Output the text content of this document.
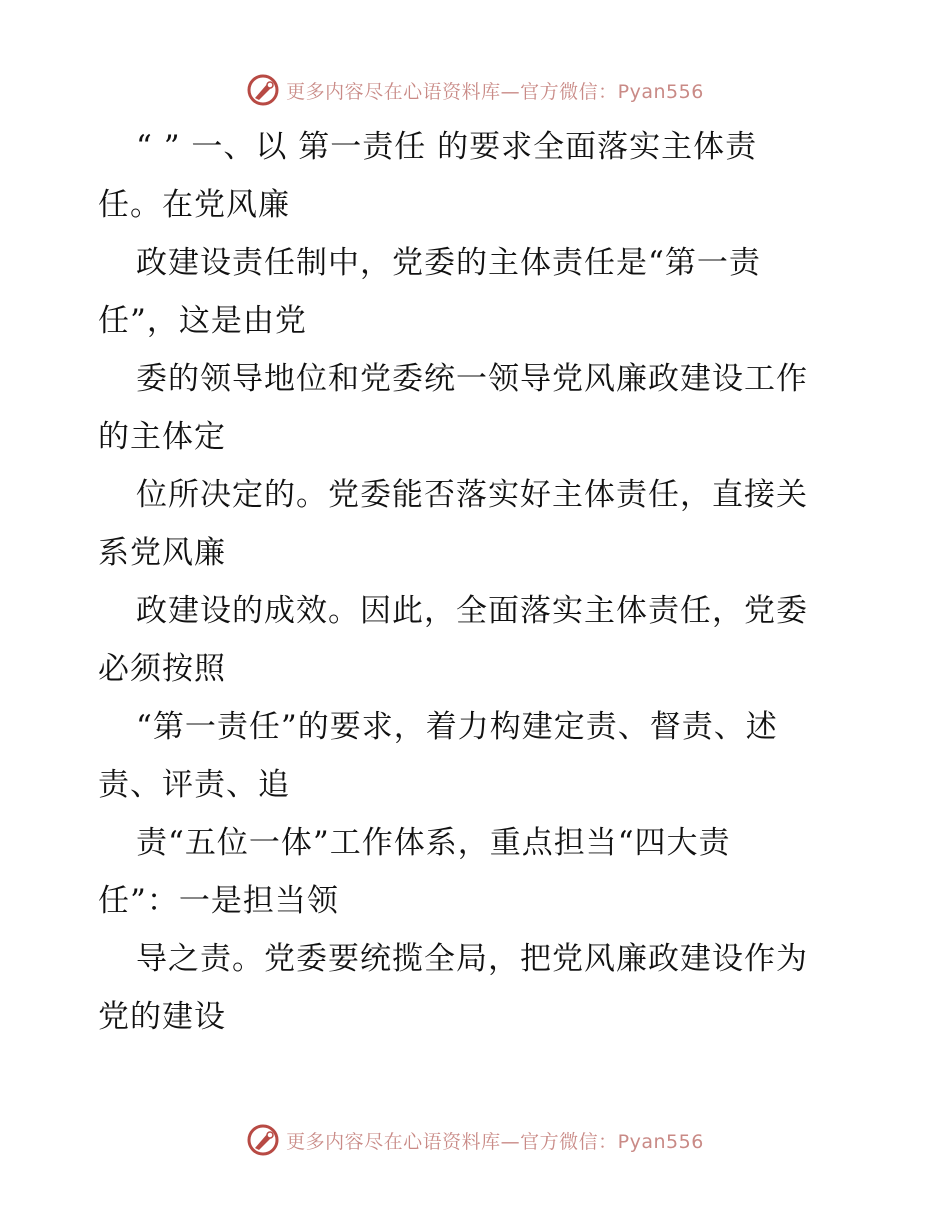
更多内容尽在心语资料库—官方微信：Pyan556
“ ” 一、以 第一责任 的要求全面落实主体责
任。在党风廉
政建设责任制中，党委的主体责任是“第一责
任”，这是由党
委的领导地位和党委统一领导党风廉政建设工作
的主体定
位所决定的。党委能否落实好主体责任，直接关
系党风廉
政建设的成效。因此，全面落实主体责任，党委
必须按照
“第一责任”的要求，着力构建定责、督责、述
责、评责、追
责“五位一体”工作体系，重点担当“四大责
任”：一是担当领
导之责。党委要统揽全局，把党风廉政建设作为
党的建设
更多内容尽在心语资料库—官方微信：Pyan556
